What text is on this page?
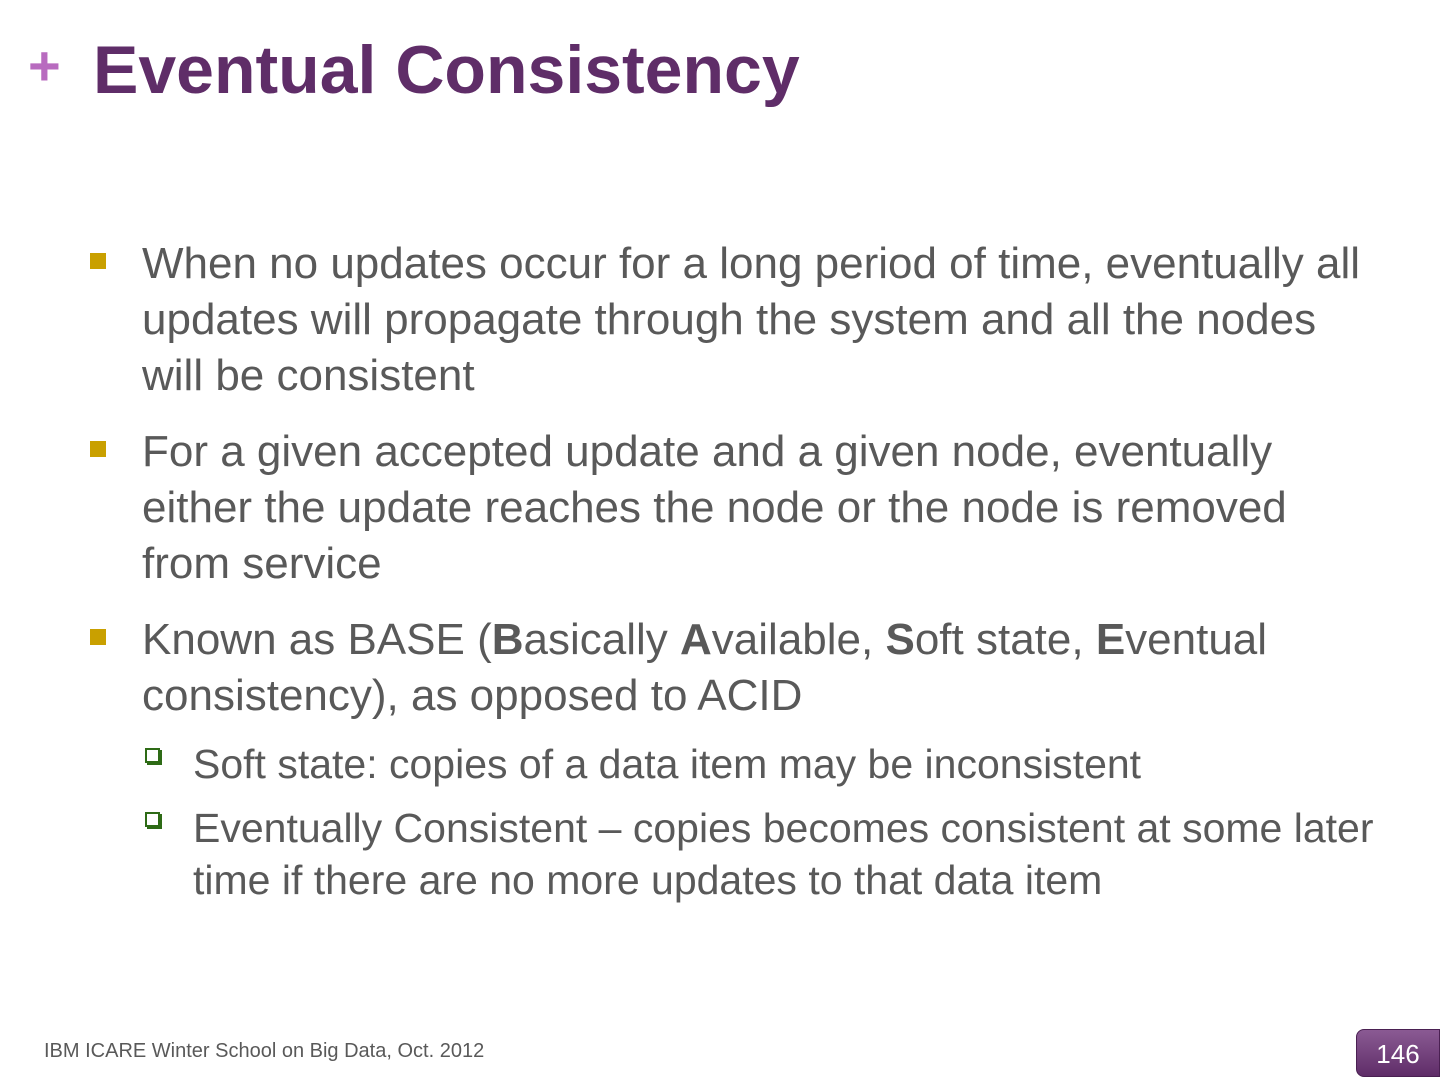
+ Eventual Consistency
When no updates occur for a long period of time, eventually all updates will propagate through the system and all the nodes will be consistent
For a given accepted update and a given node, eventually either the update reaches the node or the node is removed from service
Known as BASE (Basically Available, Soft state, Eventual consistency), as opposed to ACID
Soft state: copies of a data item may be inconsistent
Eventually Consistent – copies becomes consistent at some later time if there are no more updates to that data item
IBM ICARE Winter School on Big Data, Oct. 2012	146
